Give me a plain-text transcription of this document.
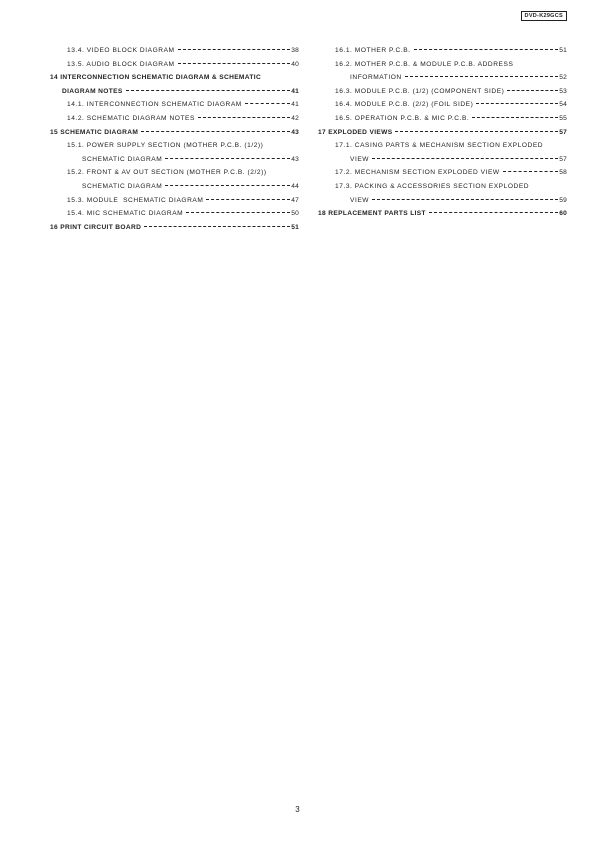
DVD-K29GCS
13.4. VIDEO BLOCK DIAGRAM	38
13.5. AUDIO BLOCK DIAGRAM	40
14 INTERCONNECTION SCHEMATIC DIAGRAM & SCHEMATIC
DIAGRAM NOTES	41
14.1. INTERCONNECTION SCHEMATIC DIAGRAM	41
14.2. SCHEMATIC DIAGRAM NOTES	42
15 SCHEMATIC DIAGRAM	43
15.1. POWER SUPPLY SECTION (MOTHER P.C.B. (1/2))
SCHEMATIC DIAGRAM	43
15.2. FRONT & AV OUT SECTION (MOTHER P.C.B. (2/2))
SCHEMATIC DIAGRAM	44
15.3. MODULE  SCHEMATIC DIAGRAM	47
15.4. MIC SCHEMATIC DIAGRAM	50
16 PRINT CIRCUIT BOARD	51
16.1. MOTHER P.C.B.	51
16.2. MOTHER P.C.B. & MODULE P.C.B. ADDRESS
INFORMATION	52
16.3. MODULE P.C.B. (1/2) (COMPONENT SIDE)	53
16.4. MODULE P.C.B. (2/2) (FOIL SIDE)	54
16.5. OPERATION P.C.B. & MIC P.C.B.	55
17 EXPLODED VIEWS	57
17.1. CASING PARTS & MECHANISM SECTION EXPLODED
VIEW	57
17.2. MECHANISM SECTION EXPLODED VIEW	58
17.3. PACKING & ACCESSORIES SECTION EXPLODED
VIEW	59
18 REPLACEMENT PARTS LIST	60
3
